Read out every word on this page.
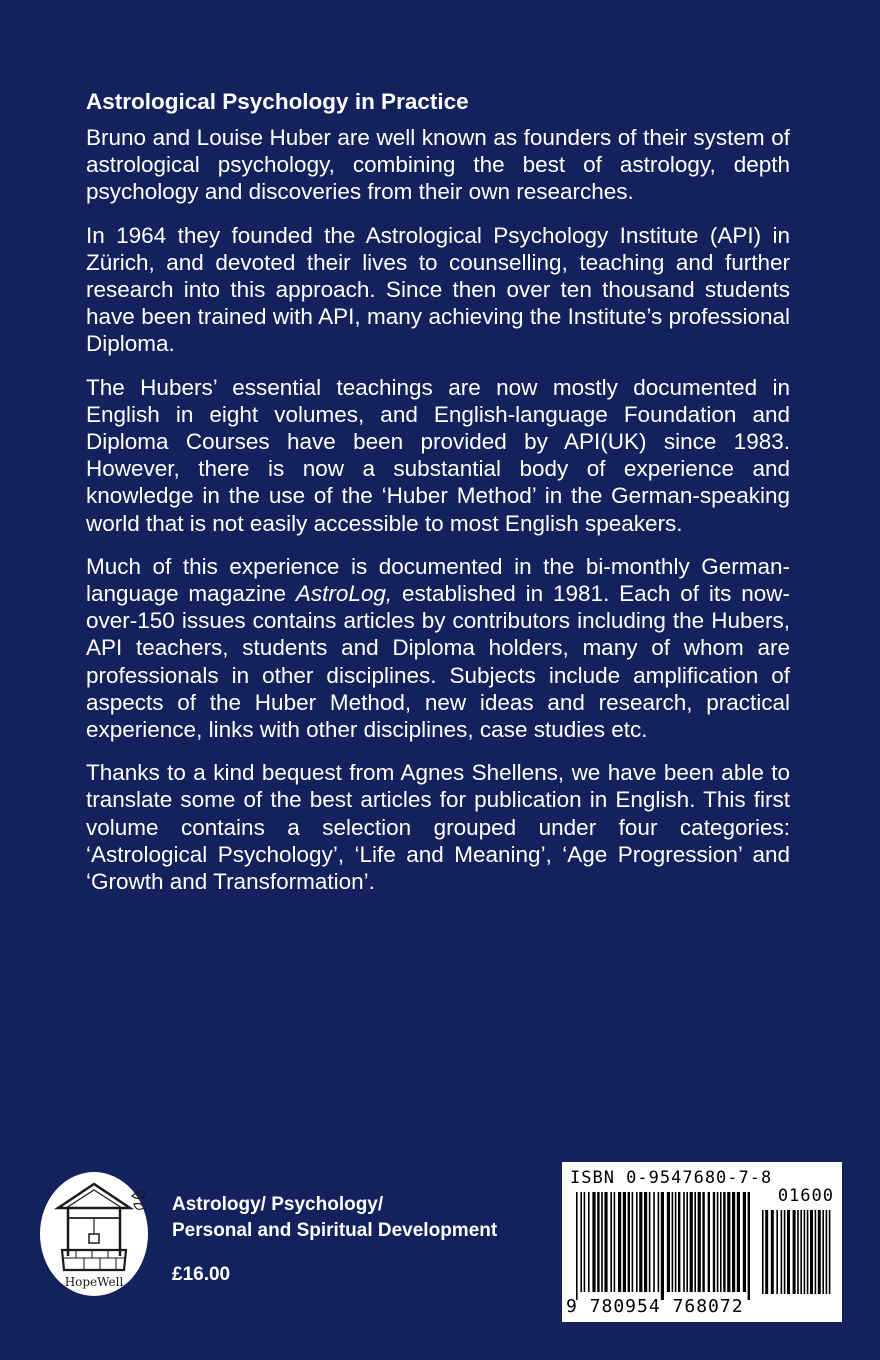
Astrological Psychology in Practice

Bruno and Louise Huber are well known as founders of their system of astrological psychology, combining the best of astrology, depth psychology and discoveries from their own researches.

In 1964 they founded the Astrological Psychology Institute (API) in Zürich, and devoted their lives to counselling, teaching and further research into this approach. Since then over ten thousand students have been trained with API, many achieving the Institute’s professional Diploma.

The Hubers’ essential teachings are now mostly documented in English in eight volumes, and English-language Foundation and Diploma Courses have been provided by API(UK) since 1983. However, there is now a substantial body of experience and knowledge in the use of the ‘Huber Method’ in the German-speaking world that is not easily accessible to most English speakers.

Much of this experience is documented in the bi-monthly German-language magazine AstroLog, established in 1981. Each of its now-over-150 issues contains articles by contributors including the Hubers, API teachers, students and Diploma holders, many of whom are professionals in other disciplines. Subjects include amplification of aspects of the Huber Method, new ideas and research, practical experience, links with other disciplines, case studies etc.

Thanks to a kind bequest from Agnes Shellens, we have been able to translate some of the best articles for publication in English. This first volume contains a selection grouped under four categories: ‘Astrological Psychology’, ‘Life and Meaning’, ‘Age Progression’ and ‘Growth and Transformation’.

HopeWell
Astrology/ Psychology/
Personal and Spiritual Development
£16.00
ISBN 0-9547680-7-8
01600
9 780954 768072
